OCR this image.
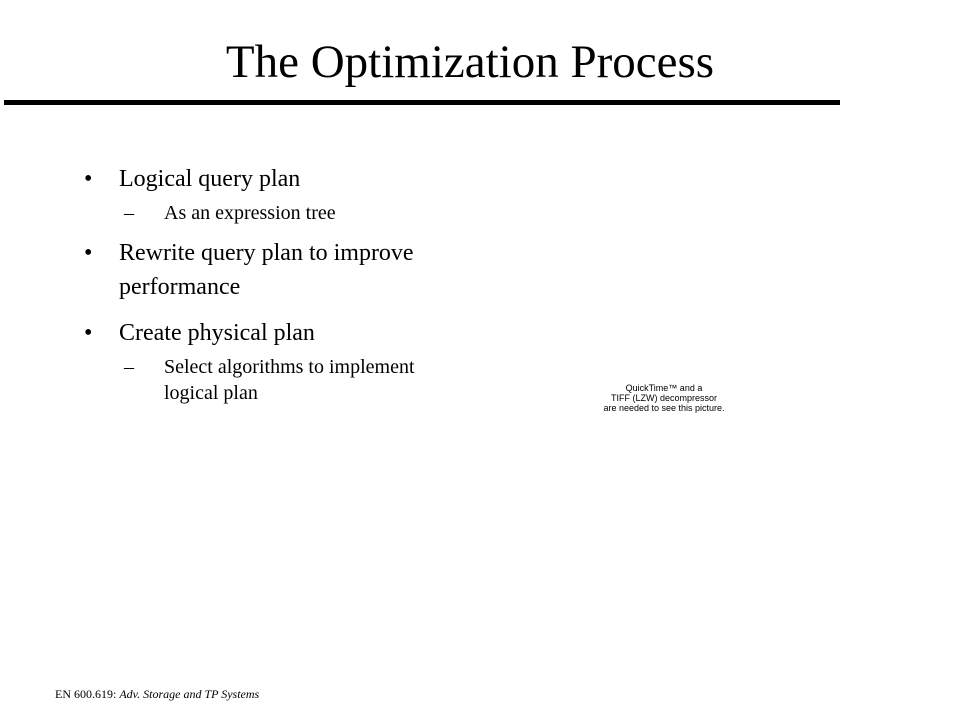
The Optimization Process
• Logical query plan
– As an expression tree
• Rewrite query plan to improve performance
• Create physical plan
– Select algorithms to implement logical plan	QuickTime™ and a
TIFF (LZW) decompressor
are needed to see this picture.
EN 600.619: Adv. Storage and TP Systems
